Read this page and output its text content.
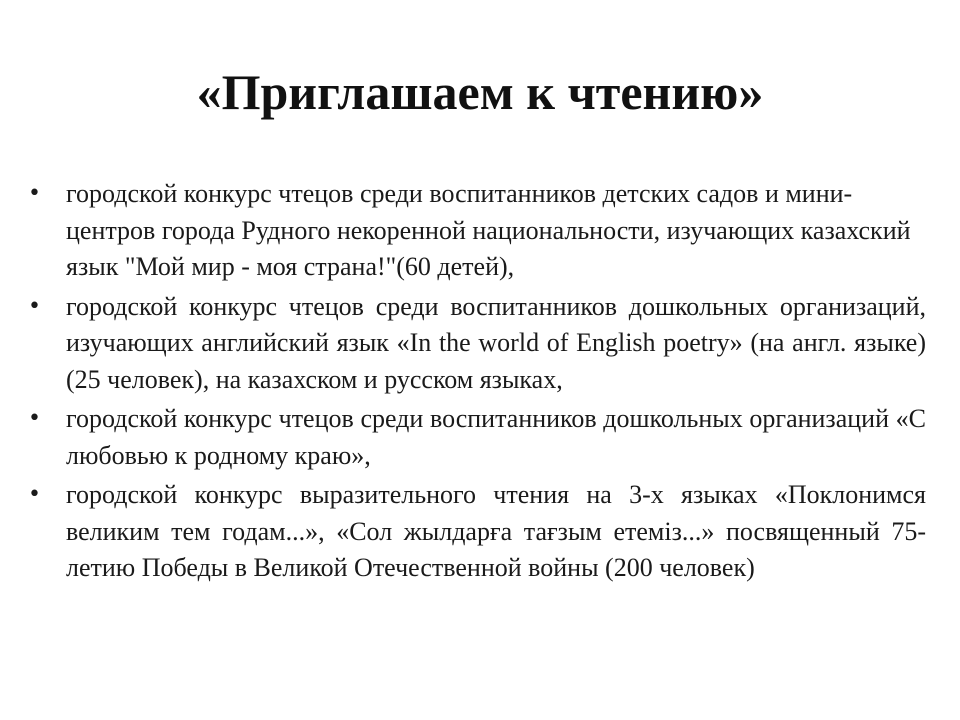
«Приглашаем к чтению»
• городской конкурс чтецов среди воспитанников детских садов и мини-центров города Рудного некоренной национальности, изучающих казахский язык "Мой мир - моя страна!"(60 детей),
• городской конкурс чтецов среди воспитанников дошкольных организаций, изучающих английский язык «In the world of English poetry» (на англ. языке) (25 человек), на казахском и русском языках,
• городской конкурс чтецов среди воспитанников дошкольных организаций «С любовью к родному краю»,
• городской конкурс выразительного чтения на 3-х языках «Поклонимся великим тем годам...», «Сол жылдарға тағзым етеміз...» посвященный 75-летию Победы в Великой Отечественной войны (200 человек)
